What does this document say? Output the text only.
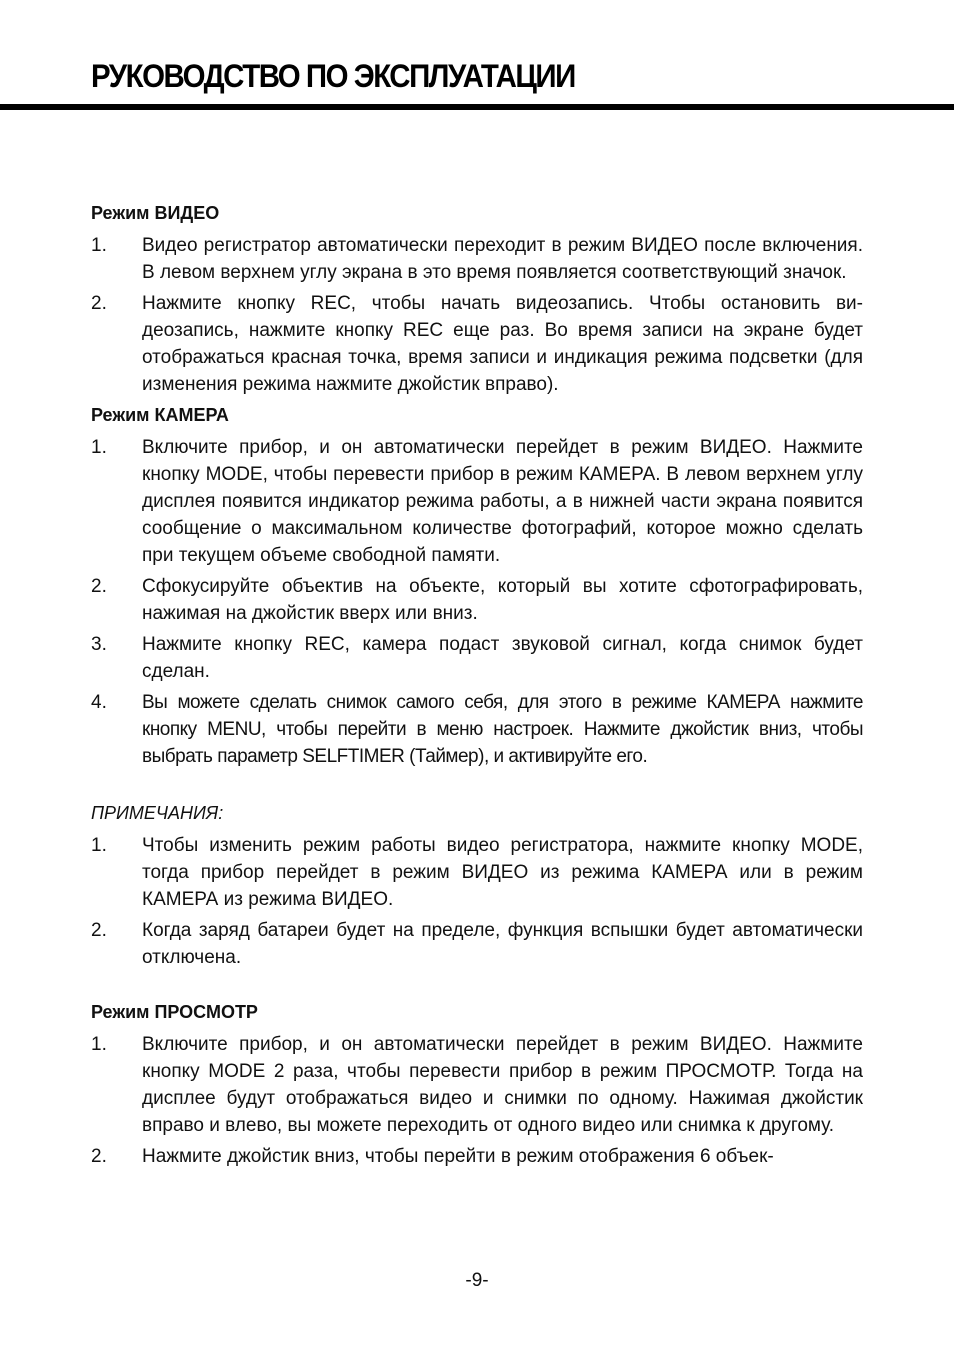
РУКОВОДСТВО ПО ЭКСПЛУАТАЦИИ
Режим ВИДЕО
1.	Видео регистратор автоматически переходит в режим ВИДЕО после включения. В левом верхнем углу экрана в это время появляется соответствующий значок.
2.	Нажмите кнопку REC, чтобы начать видеозапись. Чтобы остановить видеозапись, нажмите кнопку REC еще раз. Во время записи на экране будет отображаться красная точка, время записи и индикация режима подсветки (для изменения режима нажмите джойстик вправо).
Режим КАМЕРА
1.	Включите прибор, и он автоматически перейдет в режим ВИДЕО. Нажмите кнопку MODE, чтобы перевести прибор в режим КАМЕРА. В левом верхнем углу дисплея появится индикатор режима работы, а в нижней части экрана появится сообщение о максимальном количестве фотографий, которое можно сделать при текущем объеме свободной памяти.
2.	Сфокусируйте объектив на объекте, который вы хотите сфотографировать, нажимая на джойстик вверх или вниз.
3.	Нажмите кнопку REC, камера подаст звуковой сигнал, когда снимок будет сделан.
4.	Вы можете сделать снимок самого себя, для этого в режиме КАМЕРА нажмите кнопку MENU, чтобы перейти в меню настроек. Нажмите джойстик вниз, чтобы выбрать параметр SELFTIMER (Таймер), и активируйте его.
ПРИМЕЧАНИЯ:
1.	Чтобы изменить режим работы видео регистратора, нажмите кнопку MODE, тогда прибор перейдет в режим ВИДЕО из режима КАМЕРА или в режим КАМЕРА из режима ВИДЕО.
2.	Когда заряд батареи будет на пределе, функция вспышки будет автоматически отключена.
Режим ПРОСМОТР
1.	Включите прибор, и он автоматически перейдет в режим ВИДЕО. Нажмите кнопку MODE 2 раза, чтобы перевести прибор в режим ПРОСМОТР. Тогда на дисплее будут отображаться видео и снимки по одному. Нажимая джойстик вправо и влево, вы можете переходить от одного видео или снимка к другому.
2.	Нажмите джойстик вниз, чтобы перейти в режим отображения 6 объек-
-9-
